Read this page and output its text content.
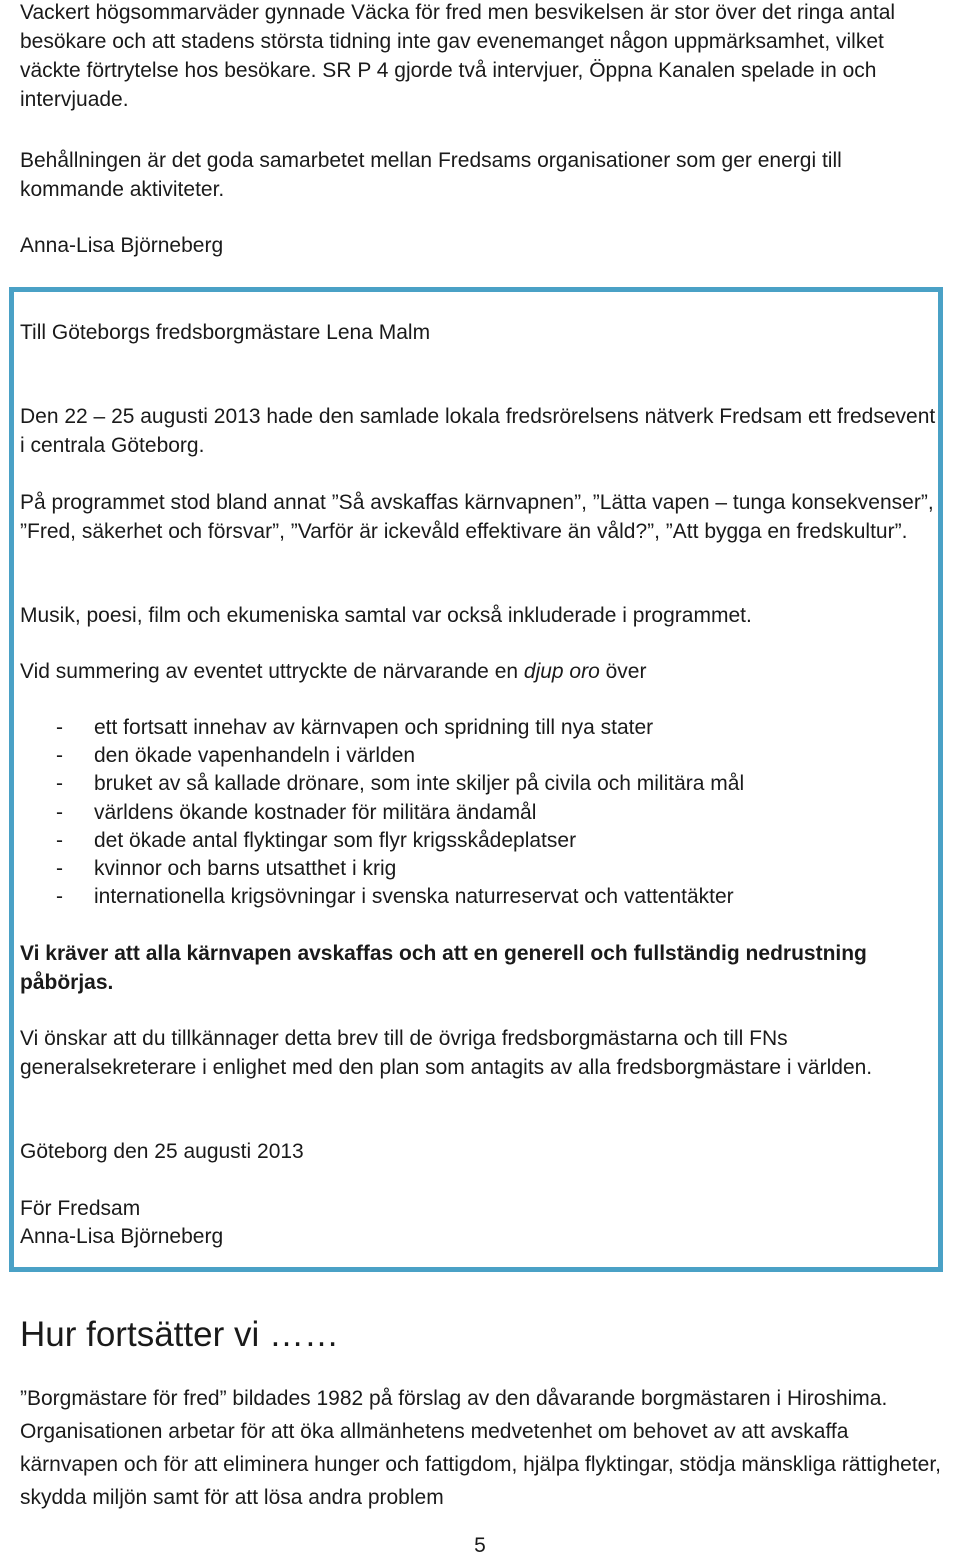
Vackert högsommarväder gynnade Väcka för fred men besvikelsen är stor över det ringa antal besökare och att stadens största tidning inte gav evenemanget någon uppmärksamhet, vilket väckte förtrytelse hos besökare. SR P 4 gjorde två intervjuer, Öppna Kanalen spelade in och intervjuade.

Behållningen är det goda samarbetet mellan Fredsams organisationer som ger energi till kommande aktiviteter.

Anna-Lisa Björneberg

Till Göteborgs fredsborgmästare Lena Malm

Den 22 – 25 augusti 2013 hade den samlade lokala fredsrörelsens nätverk Fredsam ett fredsevent i centrala Göteborg.

På programmet stod bland annat ”Så avskaffas kärnvapnen”, ”Lätta vapen – tunga konsekvenser”, ”Fred, säkerhet och försvar”, ”Varför är ickevåld effektivare än våld?”, ”Att bygga en fredskultur”.

Musik, poesi, film och ekumeniska samtal var också inkluderade i programmet.

Vid summering av eventet uttryckte de närvarande en djup oro över

- ett fortsatt innehav av kärnvapen och spridning till nya stater
- den ökade vapenhandeln i världen
- bruket av så kallade drönare, som inte skiljer på civila och militära mål
- världens ökande kostnader för militära ändamål
- det ökade antal flyktingar som flyr krigsskådeplatser
- kvinnor och barns utsatthet i krig
- internationella krigsövningar i svenska naturreservat och vattentäkter

Vi kräver att alla kärnvapen avskaffas och att en generell och fullständig nedrustning påbörjas.

Vi önskar att du tillkännager detta brev till de övriga fredsborgmästarna och till FNs generalsekreterare i enlighet med den plan som antagits av alla fredsborgmästare i världen.

Göteborg den 25 augusti 2013

För Fredsam

Anna-Lisa Björneberg

Hur fortsätter vi ……

”Borgmästare för fred” bildades 1982 på förslag av den dåvarande borgmästaren i Hiroshima. Organisationen arbetar för att öka allmänhetens medvetenhet om behovet av att avskaffa kärnvapen och för att eliminera hunger och fattigdom, hjälpa flyktingar, stödja mänskliga rättigheter, skydda miljön samt för att lösa andra problem

5
